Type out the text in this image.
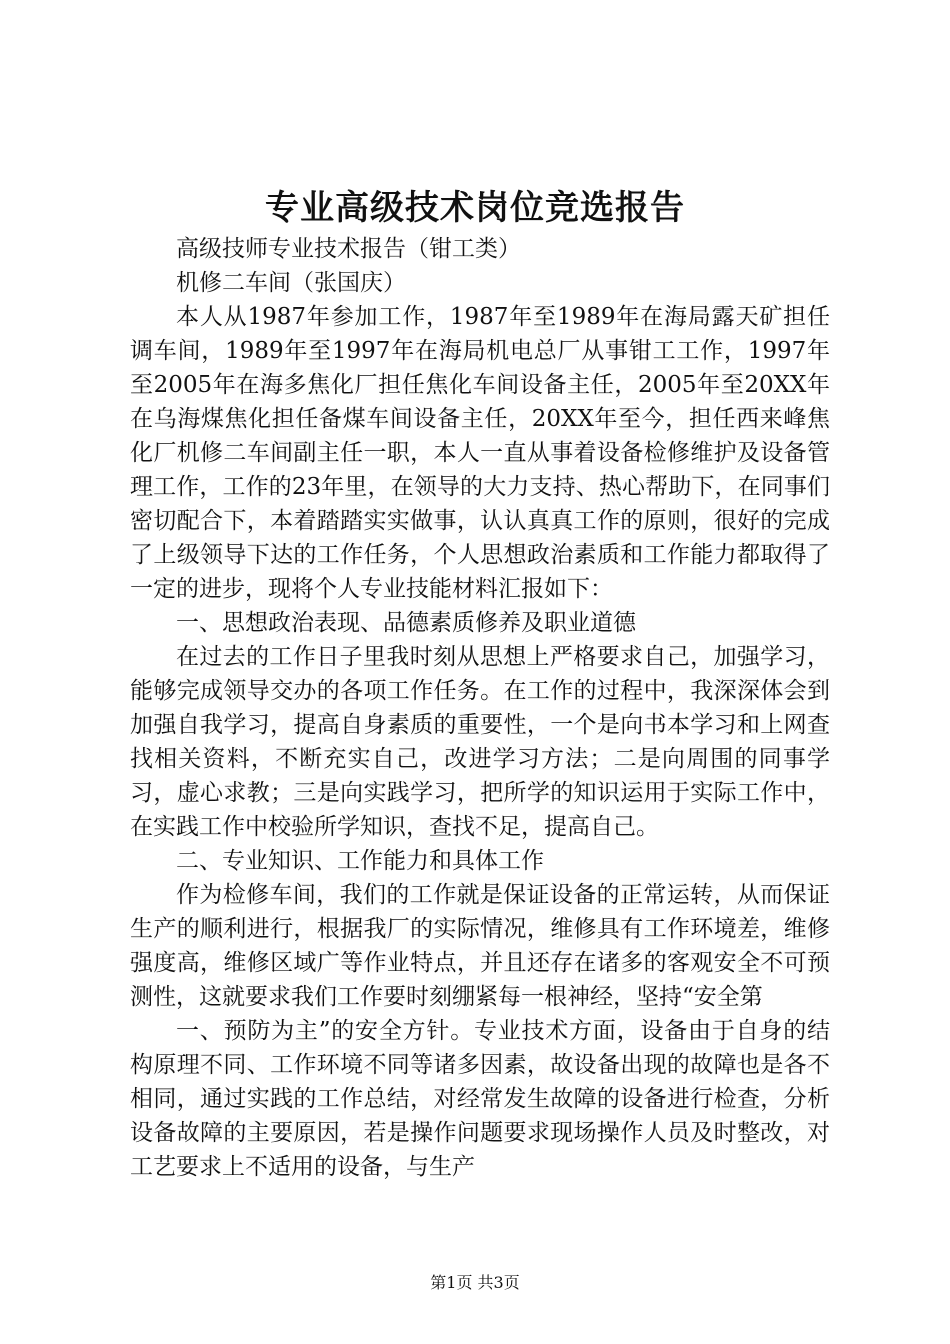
专业高级技术岗位竞选报告

高级技师专业技术报告（钳工类）

机修二车间（张国庆）

本人从1987年参加工作，1987年至1989年在海局露天矿担任调车间，1989年至1997年在海局机电总厂从事钳工工作，1997年至2005年在海多焦化厂担任焦化车间设备主任，2005年至20XX年在乌海煤焦化担任备煤车间设备主任，20XX年至今，担任西来峰焦化厂机修二车间副主任一职，本人一直从事着设备检修维护及设备管理工作，工作的23年里，在领导的大力支持、热心帮助下，在同事们密切配合下，本着踏踏实实做事，认认真真工作的原则，很好的完成了上级领导下达的工作任务，个人思想政治素质和工作能力都取得了一定的进步，现将个人专业技能材料汇报如下：

一、思想政治表现、品德素质修养及职业道德

在过去的工作日子里我时刻从思想上严格要求自己，加强学习，能够完成领导交办的各项工作任务。在工作的过程中，我深深体会到加强自我学习，提高自身素质的重要性，一个是向书本学习和上网查找相关资料，不断充实自己，改进学习方法；二是向周围的同事学习，虚心求教；三是向实践学习，把所学的知识运用于实际工作中，在实践工作中校验所学知识，查找不足，提高自己。

二、专业知识、工作能力和具体工作

作为检修车间，我们的工作就是保证设备的正常运转，从而保证生产的顺利进行，根据我厂的实际情况，维修具有工作环境差，维修强度高，维修区域广等作业特点，并且还存在诸多的客观安全不可预测性，这就要求我们工作要时刻绷紧每一根神经，坚持“安全第

一、预防为主”的安全方针。专业技术方面，设备由于自身的结构原理不同、工作环境不同等诸多因素，故设备出现的故障也是各不相同，通过实践的工作总结，对经常发生故障的设备进行检查，分析设备故障的主要原因，若是操作问题要求现场操作人员及时整改，对工艺要求上不适用的设备，与生产

第1页 共3页
